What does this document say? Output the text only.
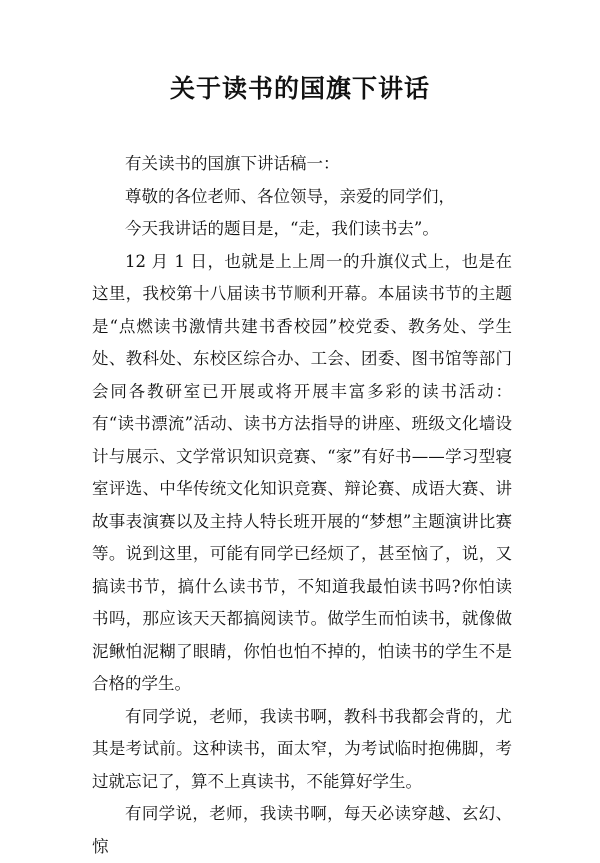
关于读书的国旗下讲话

有关读书的国旗下讲话稿一：

尊敬的各位老师、各位领导，亲爱的同学们，

今天我讲话的题目是，“走，我们读书去”。

12 月 1 日，也就是上上周一的升旗仪式上，也是在这里，我校第十八届读书节顺利开幕。本届读书节的主题是“点燃读书激情共建书香校园”校党委、教务处、学生处、教科处、东校区综合办、工会、团委、图书馆等部门会同各教研室已开展或将开展丰富多彩的读书活动：有“读书漂流”活动、读书方法指导的讲座、班级文化墙设计与展示、文学常识知识竞赛、“家”有好书——学习型寝室评选、中华传统文化知识竞赛、辩论赛、成语大赛、讲故事表演赛以及主持人特长班开展的“梦想”主题演讲比赛等。说到这里，可能有同学已经烦了，甚至恼了，说，又搞读书节，搞什么读书节，不知道我最怕读书吗?你怕读书吗，那应该天天都搞阅读节。做学生而怕读书，就像做泥鳅怕泥糊了眼睛，你怕也怕不掉的，怕读书的学生不是合格的学生。

有同学说，老师，我读书啊，教科书我都会背的，尤其是考试前。这种读书，面太窄，为考试临时抱佛脚，考过就忘记了，算不上真读书，不能算好学生。

有同学说，老师，我读书啊，每天必读穿越、玄幻、惊
